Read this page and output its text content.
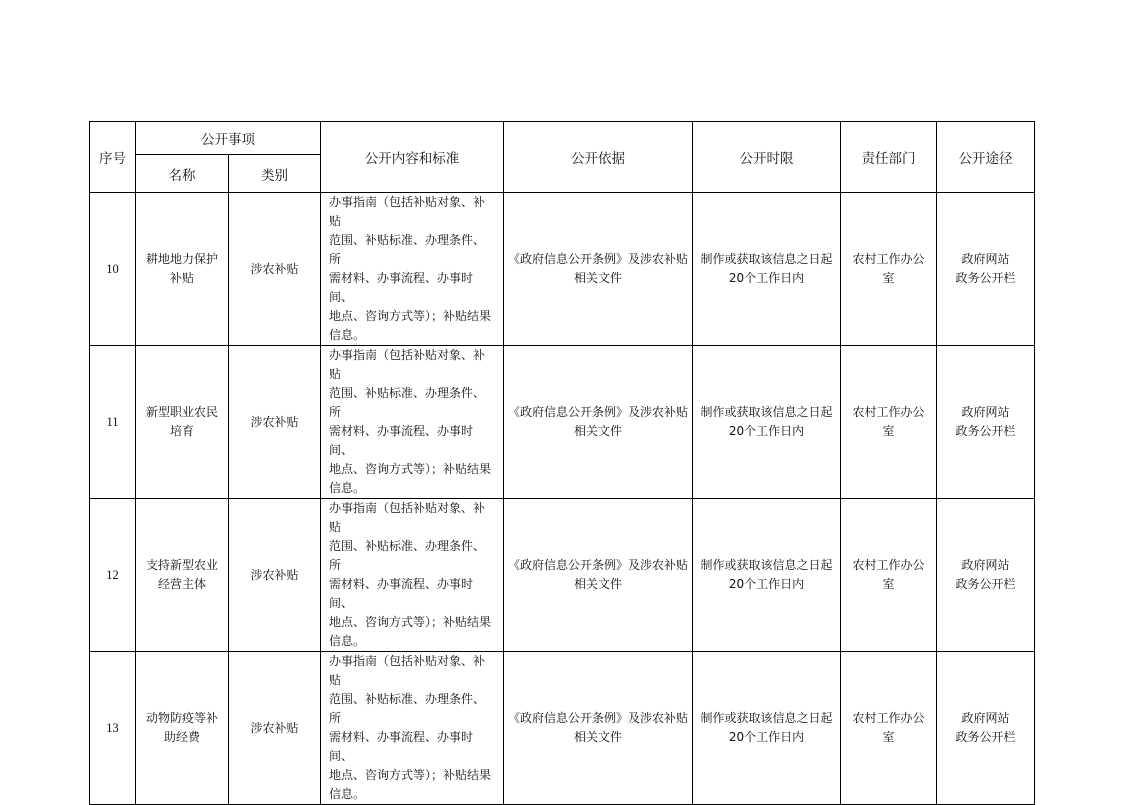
序号	公开事项		公开内容和标准	公开依据	公开时限	责任部门	公开途径
	名称	类别					
10	耕地地力保护
补贴	涉农补贴	办事指南（包括补贴对象、补贴
范围、补贴标准、办理条件、所
需材料、办事流程、办事时间、
地点、咨询方式等）；补贴结果
信息。	《政府信息公开条例》及涉农补贴
相关文件	制作或获取该信息之日起
20个工作日内	农村工作办公
室	政府网站
政务公开栏

11	新型职业农民
培育	涉农补贴	办事指南（包括补贴对象、补贴
范围、补贴标准、办理条件、所
需材料、办事流程、办事时间、
地点、咨询方式等）；补贴结果
信息。	《政府信息公开条例》及涉农补贴
相关文件	制作或获取该信息之日起
20个工作日内	农村工作办公
室	政府网站
政务公开栏

12	支持新型农业
经营主体	涉农补贴	办事指南（包括补贴对象、补贴
范围、补贴标准、办理条件、所
需材料、办事流程、办事时间、
地点、咨询方式等）；补贴结果
信息。	《政府信息公开条例》及涉农补贴
相关文件	制作或获取该信息之日起
20个工作日内	农村工作办公
室	政府网站
政务公开栏

13	动物防疫等补
助经费	涉农补贴	办事指南（包括补贴对象、补贴
范围、补贴标准、办理条件、所
需材料、办事流程、办事时间、
地点、咨询方式等）；补贴结果
信息。	《政府信息公开条例》及涉农补贴
相关文件	制作或获取该信息之日起
20个工作日内	农村工作办公
室	政府网站
政务公开栏
